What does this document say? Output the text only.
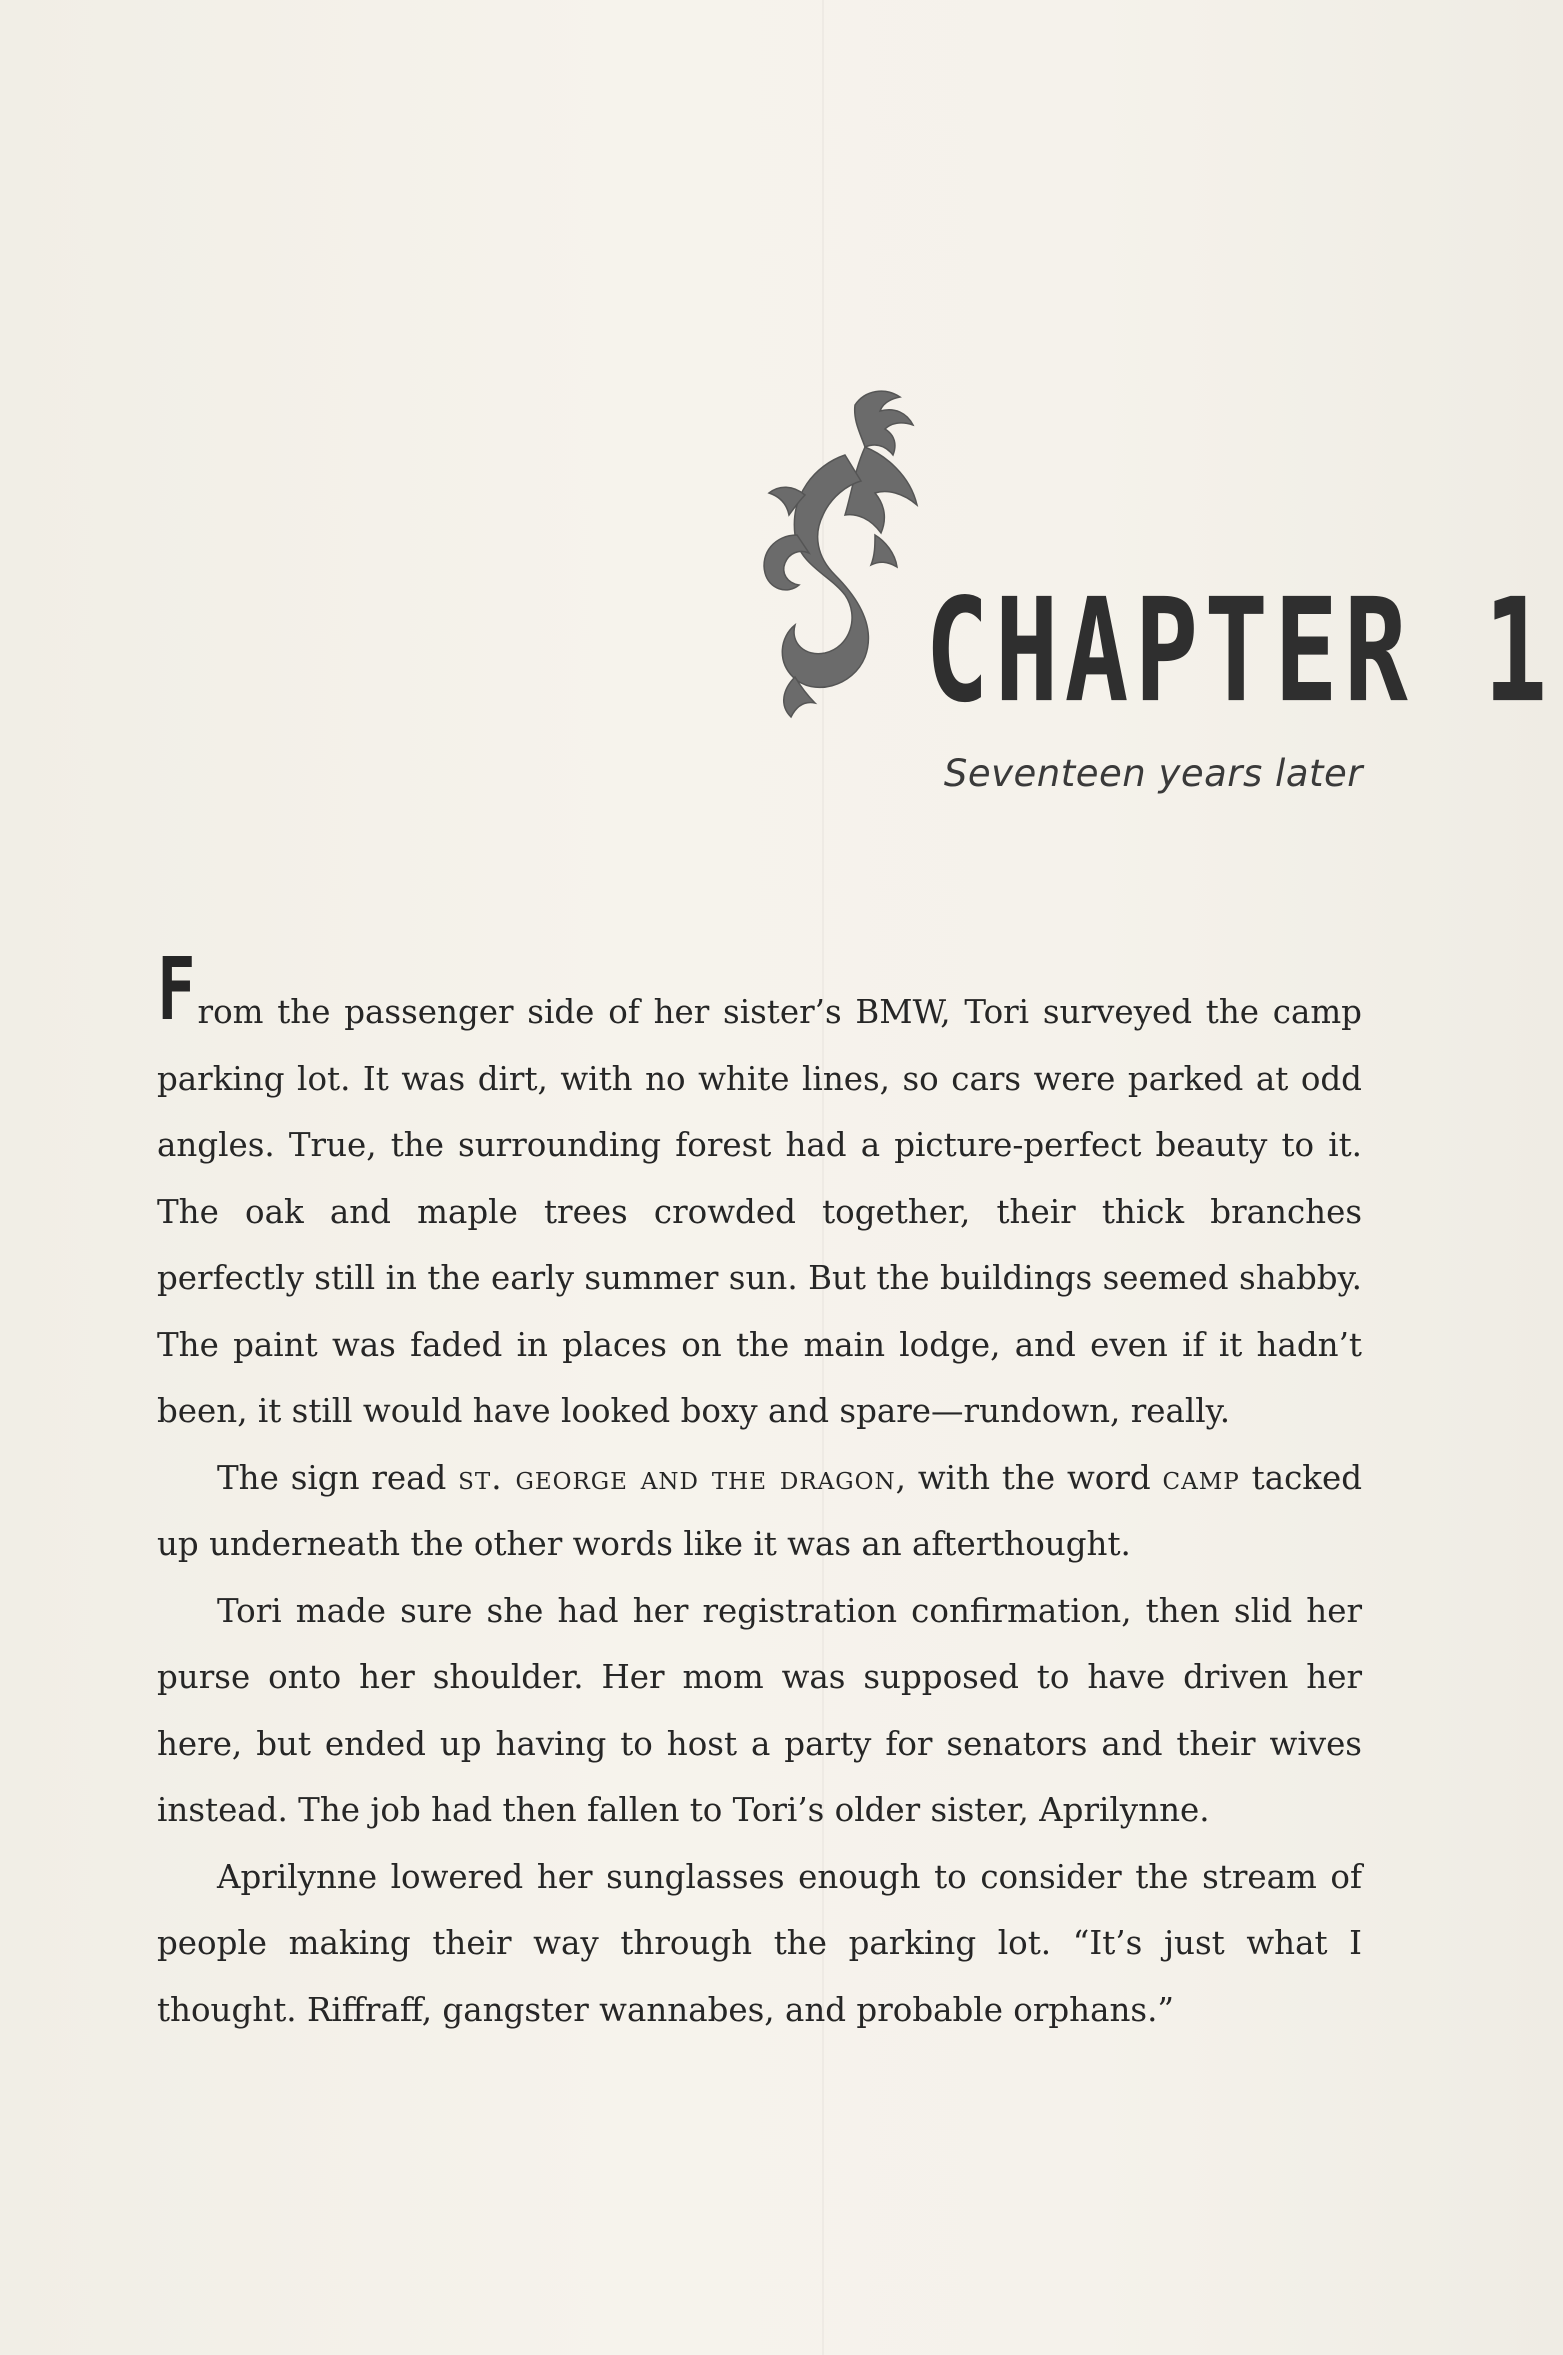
CHAPTER 1
Seventeen years later

From the passenger side of her sister’s BMW, Tori surveyed the camp parking lot. It was dirt, with no white lines, so cars were parked at odd angles. True, the surrounding forest had a picture-perfect beauty to it. The oak and maple trees crowded together, their thick branches perfectly still in the early summer sun. But the buildings seemed shabby. The paint was faded in places on the main lodge, and even if it hadn’t been, it still would have looked boxy and spare—rundown, really.

The sign read st. george and the dragon, with the word camp tacked up underneath the other words like it was an afterthought.

Tori made sure she had her registration confirmation, then slid her purse onto her shoulder. Her mom was supposed to have driven her here, but ended up having to host a party for senators and their wives instead. The job had then fallen to Tori’s older sister, Aprilynne.

Aprilynne lowered her sunglasses enough to consider the stream of people making their way through the parking lot. “It’s just what I thought. Riffraff, gangster wannabes, and probable orphans.”
